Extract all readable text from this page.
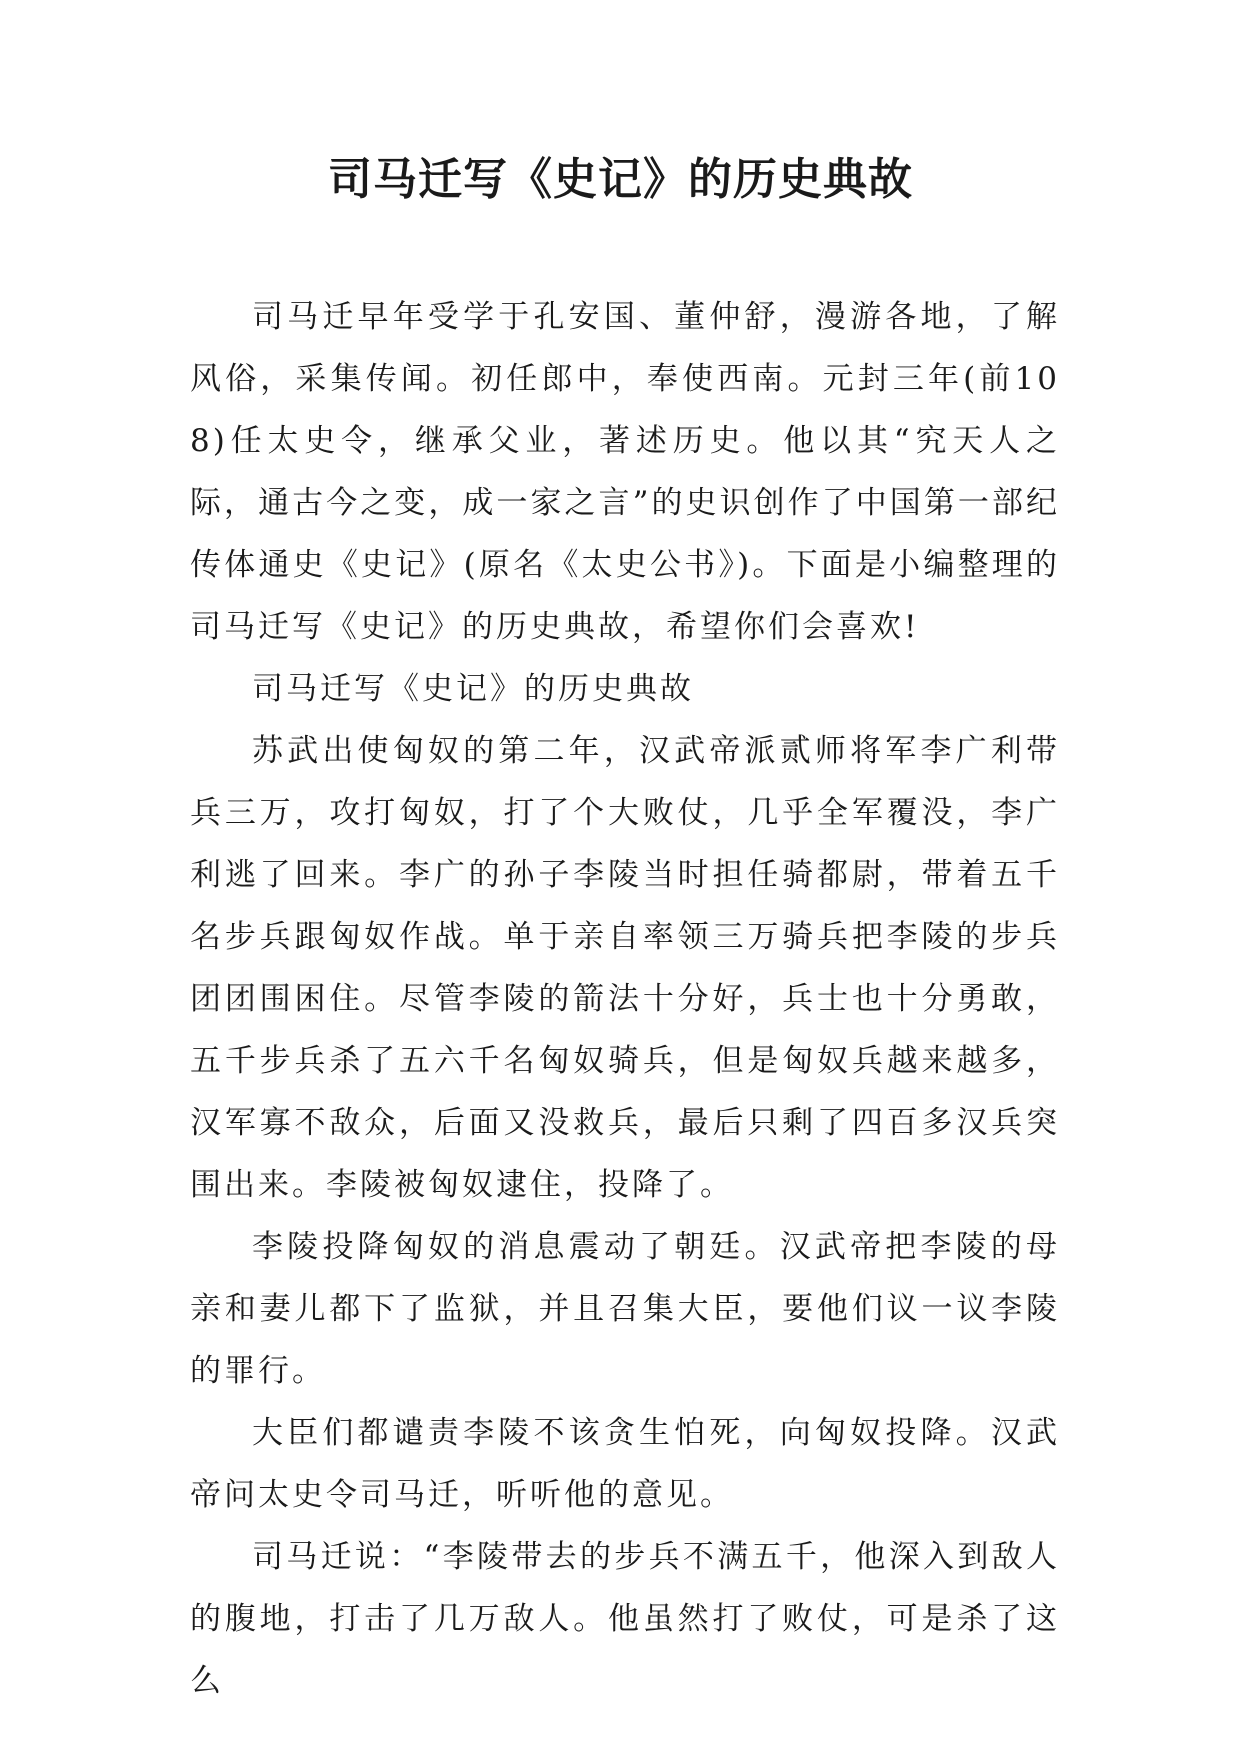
司马迁写《史记》的历史典故

司马迁早年受学于孔安国、董仲舒，漫游各地，了解风俗，采集传闻。初任郎中，奉使西南。元封三年(前108)任太史令，继承父业，著述历史。他以其“究天人之际，通古今之变，成一家之言”的史识创作了中国第一部纪传体通史《史记》(原名《太史公书》)。下面是小编整理的司马迁写《史记》的历史典故，希望你们会喜欢!

司马迁写《史记》的历史典故

苏武出使匈奴的第二年，汉武帝派贰师将军李广利带兵三万，攻打匈奴，打了个大败仗，几乎全军覆没，李广利逃了回来。李广的孙子李陵当时担任骑都尉，带着五千名步兵跟匈奴作战。单于亲自率领三万骑兵把李陵的步兵团团围困住。尽管李陵的箭法十分好，兵士也十分勇敢，五千步兵杀了五六千名匈奴骑兵，但是匈奴兵越来越多，汉军寡不敌众，后面又没救兵，最后只剩了四百多汉兵突围出来。李陵被匈奴逮住，投降了。

李陵投降匈奴的消息震动了朝廷。汉武帝把李陵的母亲和妻儿都下了监狱，并且召集大臣，要他们议一议李陵的罪行。

大臣们都谴责李陵不该贪生怕死，向匈奴投降。汉武帝问太史令司马迁，听听他的意见。

司马迁说：“李陵带去的步兵不满五千，他深入到敌人的腹地，打击了几万敌人。他虽然打了败仗，可是杀了这么
